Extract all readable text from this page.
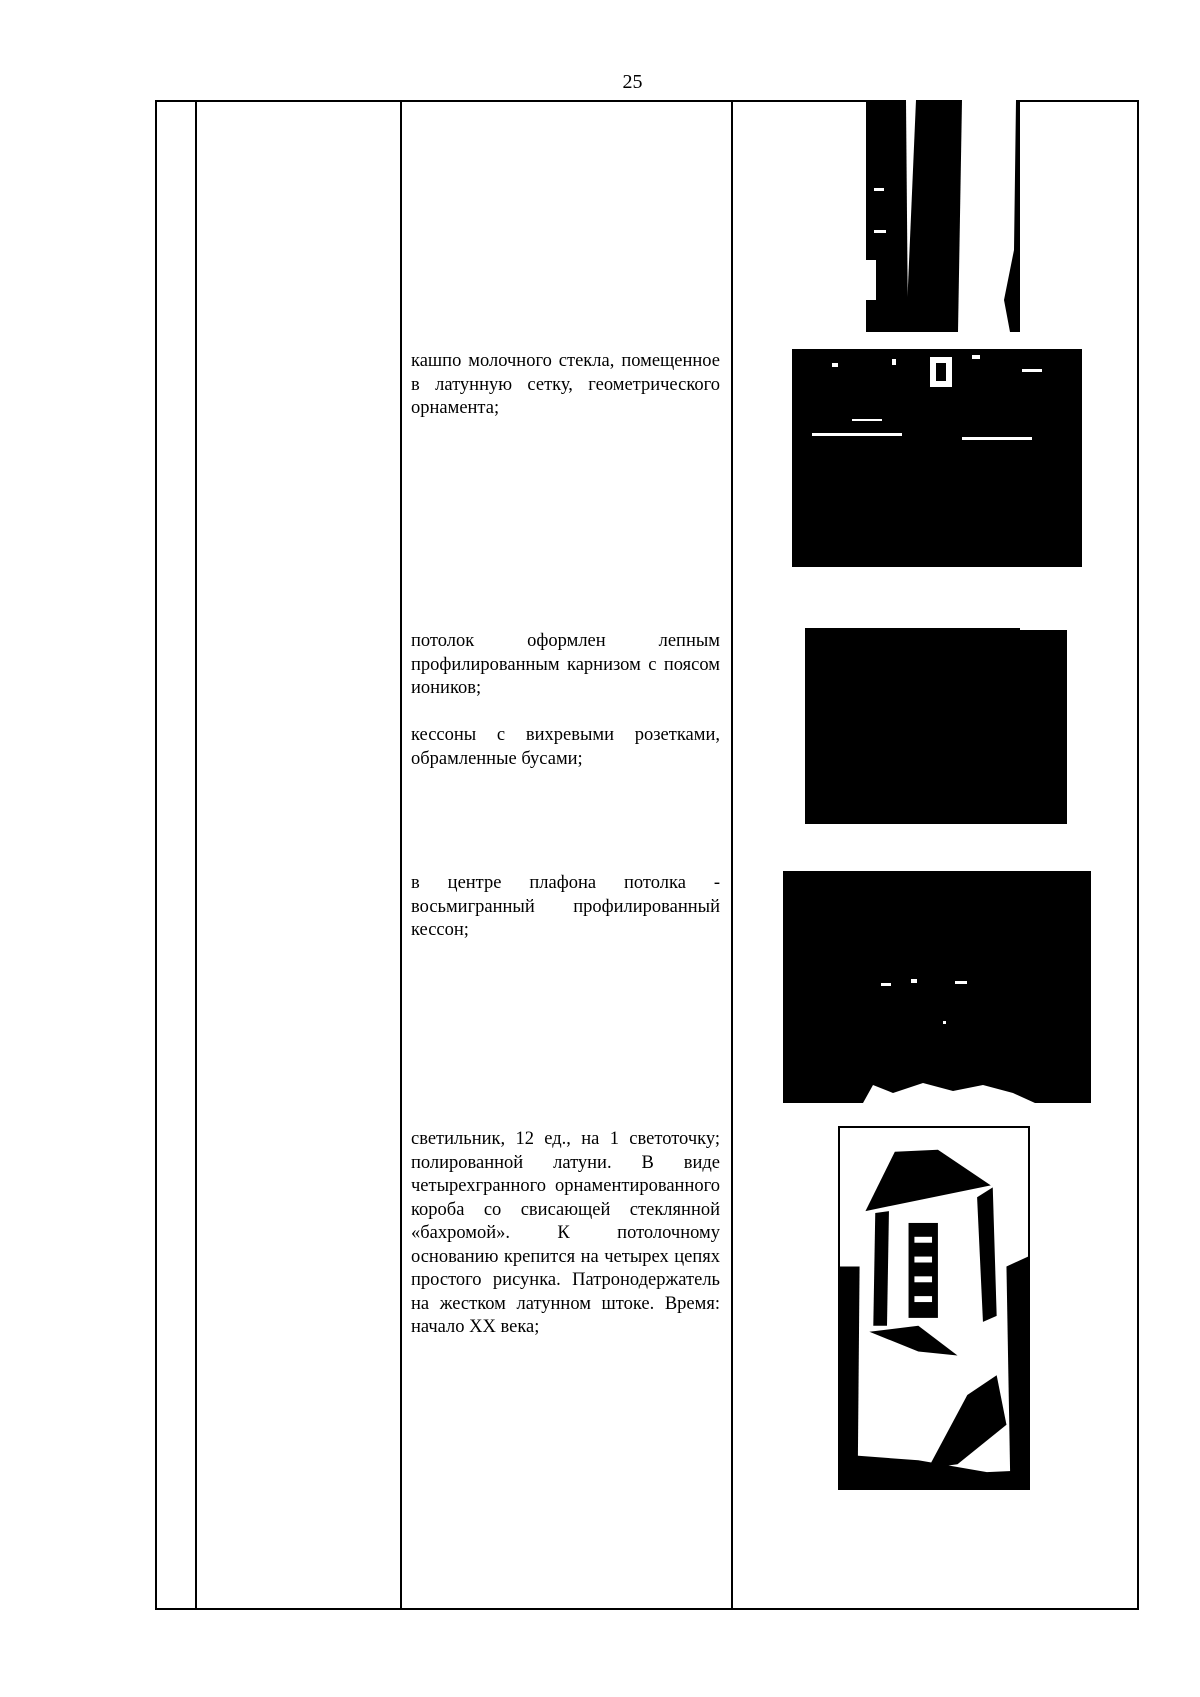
25

кашпо молочного стекла, помещенное в латунную сетку, геометрического орнамента;

потолок оформлен лепным профилированным карнизом с поясом иоников;

кессоны с вихревыми розетками, обрамленные бусами;

в центре плафона потолка - восьмигранный профилированный кессон;

светильник, 12 ед., на 1 светоточку; полированной латуни. В виде четырехгранного орнаментированного короба со свисающей стеклянной «бахромой». К потолочному основанию крепится на четырех цепях простого рисунка. Патронодержатель на жестком латунном штоке. Время: начало XX века;
